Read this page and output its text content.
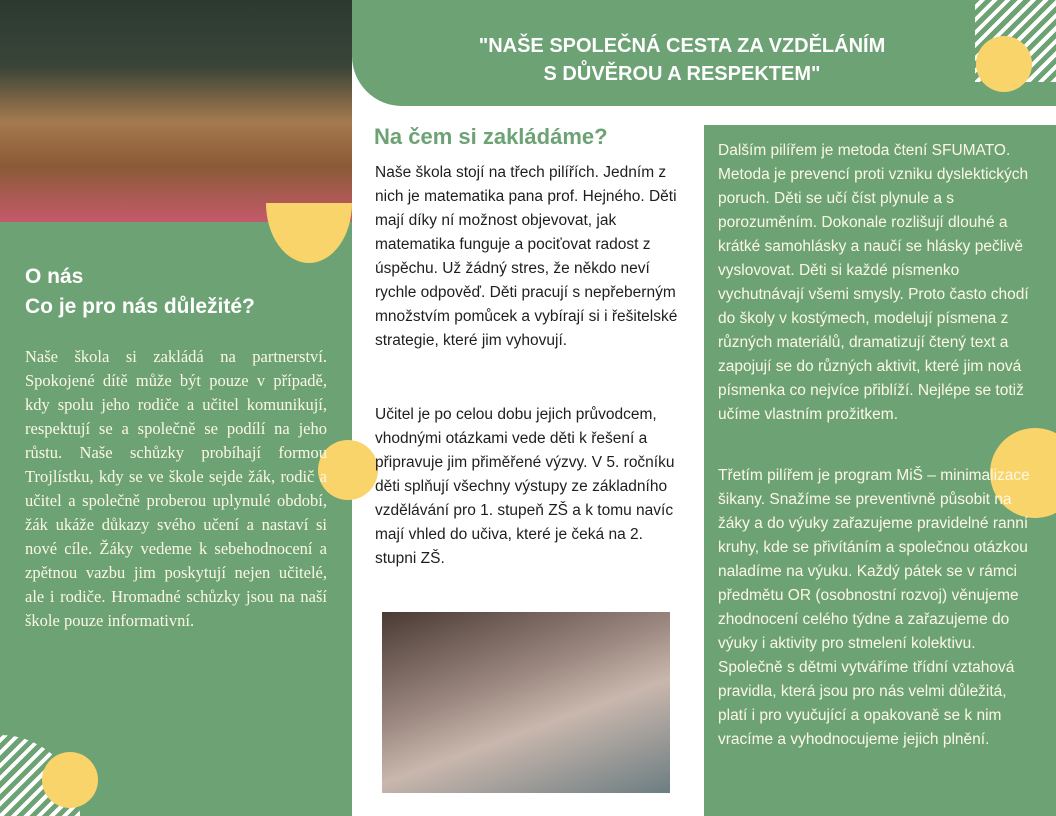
O nás
Co je pro nás důležité?

Naše škola si zakládá na partnerství. Spokojené dítě může být pouze v případě, kdy spolu jeho rodiče a učitel komunikují, respektují se a společně se podílí na jeho růstu. Naše schůzky probíhají formou Trojlístku, kdy se ve škole sejde žák, rodič a učitel a společně proberou uplynulé období, žák ukáže důkazy svého učení a nastaví si nové cíle. Žáky vedeme k sebehodnocení a zpětnou vazbu jim poskytují nejen učitelé, ale i rodiče. Hromadné schůzky jsou na naší škole pouze informativní.

"NAŠE SPOLEČNÁ CESTA ZA VZDĚLÁNÍM
S DŮVĚROU A RESPEKTEM"
Na čem si zakládáme?

Naše škola stojí na třech pilířích. Jedním z nich je matematika pana prof. Hejného. Děti mají díky ní možnost objevovat, jak matematika funguje a pociťovat radost z úspěchu. Už žádný stres, že někdo neví rychle odpověď. Děti pracují s nepřeberným množstvím pomůcek a vybírají si i řešitelské strategie, které jim vyhovují.

Učitel je po celou dobu jejich průvodcem, vhodnými otázkami vede děti k řešení a připravuje jim přiměřené výzvy. V 5. ročníku děti splňují všechny výstupy ze základního vzdělávání pro 1. stupeň ZŠ a k tomu navíc mají vhled do učiva, které je čeká na 2. stupni ZŠ.

Dalším pilířem je metoda čtení SFUMATO. Metoda je prevencí proti vzniku dyslektických poruch. Děti se učí číst plynule a s porozuměním. Dokonale rozlišují dlouhé a krátké samohlásky a naučí se hlásky pečlivě vyslovovat. Děti si každé písmenko vychutnávají všemi smysly. Proto často chodí do školy v kostýmech, modelují písmena z různých materiálů, dramatizují čtený text a zapojují se do různých aktivit, které jim nová písmenka co nejvíce přiblíží. Nejlépe se totiž učíme vlastním prožitkem.

Třetím pilířem je program MiŠ – minimalizace šikany. Snažíme se preventivně působit na žáky a do výuky zařazujeme pravidelné ranní kruhy, kde se přivítáním a společnou otázkou naladíme na výuku. Každý pátek se v rámci předmětu OR (osobnostní rozvoj) věnujeme zhodnocení celého týdne a zařazujeme do výuky i aktivity pro stmelení kolektivu. Společně s dětmi vytváříme třídní vztahová pravidla, která jsou pro nás velmi důležitá, platí i pro vyučující a opakovaně se k nim vracíme a vyhodnocujeme jejich plnění.
